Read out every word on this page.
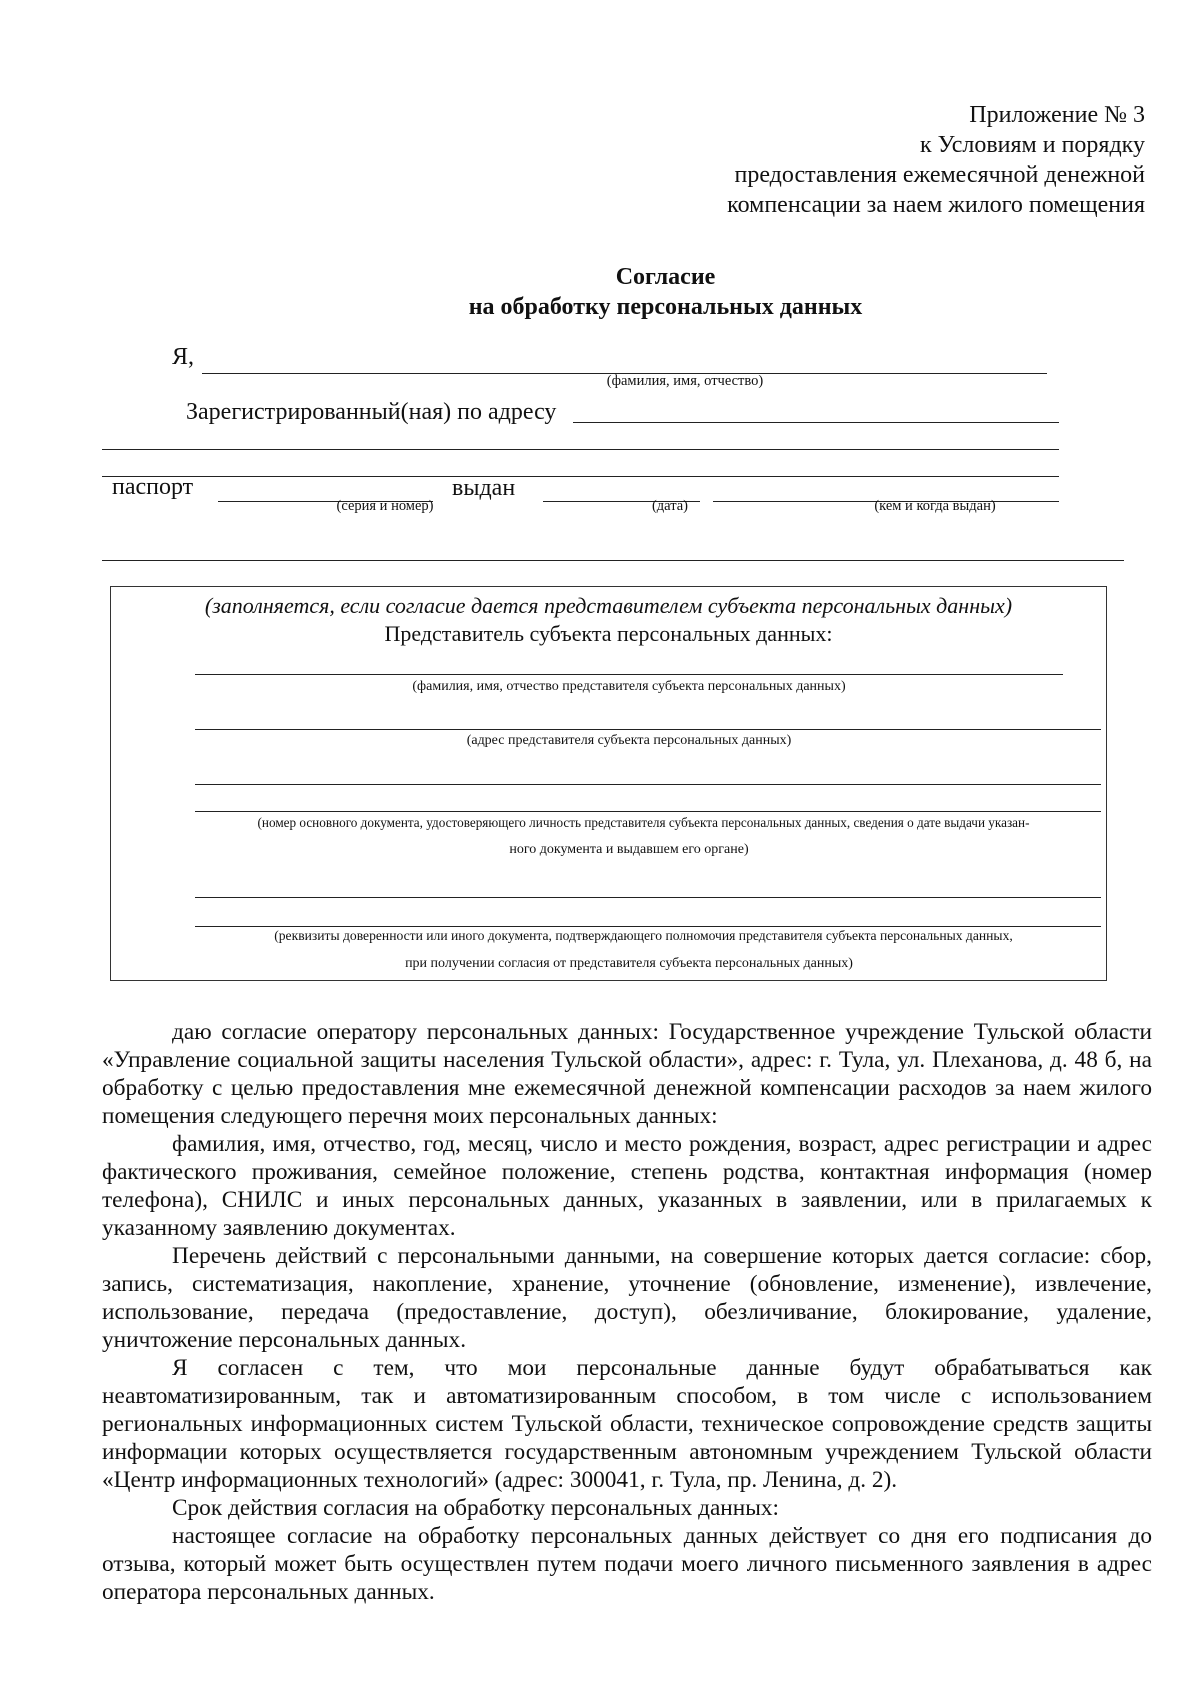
Приложение № 3
к Условиям и порядку
предоставления ежемесячной денежной
компенсации за наем жилого помещения
Согласие
на обработку персональных данных
Я,
(фамилия, имя, отчество)
Зарегистрированный(ная) по адресу
паспорт	выдан
(серия и номер)	(дата)	(кем и когда выдан)
(заполняется, если согласие дается представителем субъекта персональных данных)
Представитель субъекта персональных данных:
(фамилия, имя, отчество представителя субъекта персональных данных)
(адрес представителя субъекта персональных данных)
(номер основного документа, удостоверяющего личность представителя субъекта персональных данных, сведения о дате выдачи указан-
ного документа и выдавшем его органе)
(реквизиты доверенности или иного документа, подтверждающего полномочия представителя субъекта персональных данных,
при получении согласия от представителя субъекта персональных данных)

даю согласие оператору персональных данных: Государственное учреждение Тульской области «Управление социальной защиты населения Тульской области», адрес: г. Тула, ул. Плеханова, д. 48 б, на обработку с целью предоставления мне ежемесячной денежной компенсации расходов за наем жилого помещения следующего перечня моих персональных данных:

фамилия, имя, отчество, год, месяц, число и место рождения, возраст, адрес регистрации и адрес фактического проживания, семейное положение, степень родства, контактная информация (номер телефона), СНИЛС и иных персональных данных, указанных в заявлении, или в прилагаемых к указанному заявлению документах.

Перечень действий с персональными данными, на совершение которых дается согласие: сбор, запись, систематизация, накопление, хранение, уточнение (обновление, изменение), извлечение, использование, передача (предоставление, доступ), обезличивание, блокирование, удаление, уничтожение персональных данных.

Я согласен с тем, что мои персональные данные будут обрабатываться как неавтоматизированным, так и автоматизированным способом, в том числе с использованием региональных информационных систем Тульской области, техническое сопровождение средств защиты информации которых осуществляется государственным автономным учреждением Тульской области «Центр информационных технологий» (адрес: 300041, г. Тула, пр. Ленина, д. 2).

Срок действия согласия на обработку персональных данных:

настоящее согласие на обработку персональных данных действует со дня его подписания до отзыва, который может быть осуществлен путем подачи моего личного письменного заявления в адрес оператора персональных данных.
